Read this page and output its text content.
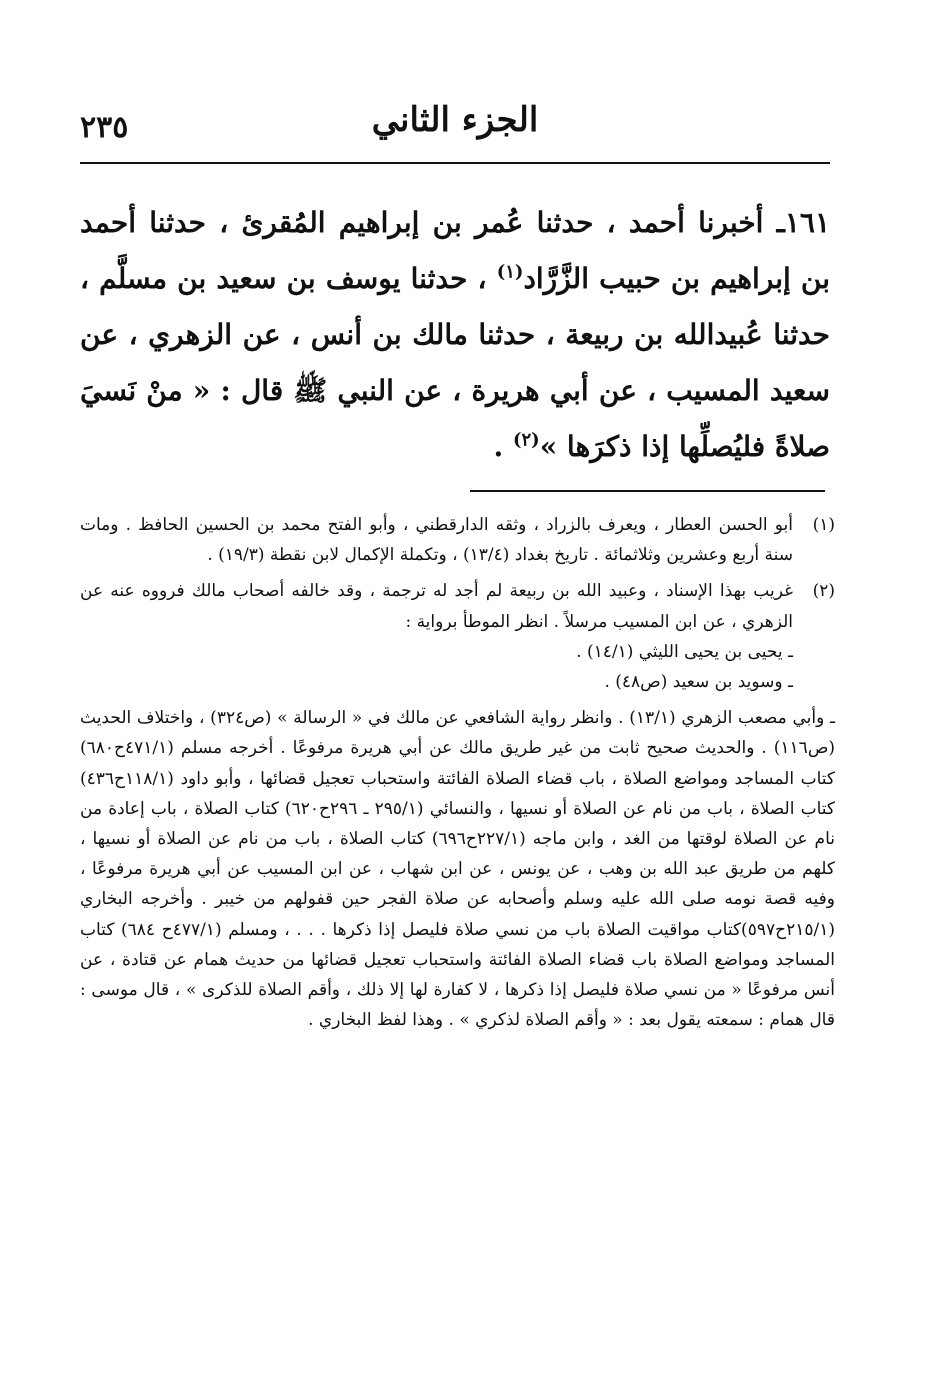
الجزء الثاني
٢٣٥

١٦١ـ أخبرنا أحمد ، حدثنا عُمر بن إبراهيم المُقرئ ، حدثنا أحمد بن إبراهيم بن حبيب الزَّرَّاد$^{(١)}$ ، حدثنا يوسف بن سعيد بن مسلَّم ، حدثنا عُبيدالله بن ربيعة ، حدثنا مالك بن أنس ، عن الزهري ، عن سعيد المسيب ، عن أبي هريرة ، عن النبي ﷺ قال : « منْ نَسيَ صلاةً فليُصلِّها إذا ذكرَها »$^{(٢)}$ .

(١)

أبو الحسن العطار ، ويعرف بالزراد ، وثقه الدارقطني ، وأبو الفتح محمد بن الحسين الحافظ . ومات سنة أربع وعشرين وثلاثمائة . تاريخ بغداد (١٣/٤) ، وتكملة الإكمال لابن نقطة (١٩/٣) .

(٢)

غريب بهذا الإسناد ، وعبيد الله بن ربيعة لم أجد له ترجمة ، وقد خالفه أصحاب مالك فرووه عنه عن الزهري ، عن ابن المسيب مرسلاً . انظر الموطأ برواية :

ـ يحيى بن يحيى الليثي (١٤/١) .

ـ وسويد بن سعيد (ص٤٨) .

ـ وأبي مصعب الزهري (١٣/١) . وانظر رواية الشافعي عن مالك في « الرسالة » (ص٣٢٤) ، واختلاف الحديث (ص١١٦) . والحديث صحيح ثابت من غير طريق مالك عن أبي هريرة مرفوعًا . أخرجه مسلم (٤٧١/١ح٦٨٠) كتاب المساجد ومواضع الصلاة ، باب قضاء الصلاة الفائتة واستحباب تعجيل قضائها ، وأبو داود (١١٨/١ح٤٣٦) كتاب الصلاة ، باب من نام عن الصلاة أو نسيها ، والنسائي (٢٩٥/١ ـ ٢٩٦ح٦٢٠) كتاب الصلاة ، باب إعادة من نام عن الصلاة لوقتها من الغد ، وابن ماجه (٢٢٧/١ح٦٩٦) كتاب الصلاة ، باب من نام عن الصلاة أو نسيها ، كلهم من طريق عبد الله بن وهب ، عن يونس ، عن ابن شهاب ، عن ابن المسيب عن أبي هريرة مرفوعًا ، وفيه قصة نومه صلى الله عليه وسلم وأصحابه عن صلاة الفجر حين قفولهم من خيبر . وأخرجه البخاري (٢١٥/١ح٥٩٧)كتاب مواقيت الصلاة باب من نسي صلاة فليصل إذا ذكرها . . . ، ومسلم (٤٧٧/١ح ٦٨٤) كتاب المساجد ومواضع الصلاة باب قضاء الصلاة الفائتة واستحباب تعجيل قضائها من حديث همام عن قتادة ، عن أنس مرفوعًا « من نسي صلاة فليصل إذا ذكرها ، لا كفارة لها إلا ذلك ، وأقم الصلاة للذكرى » ، قال موسى : قال همام : سمعته يقول بعد : « وأقم الصلاة لذكري » . وهذا لفظ البخاري .
